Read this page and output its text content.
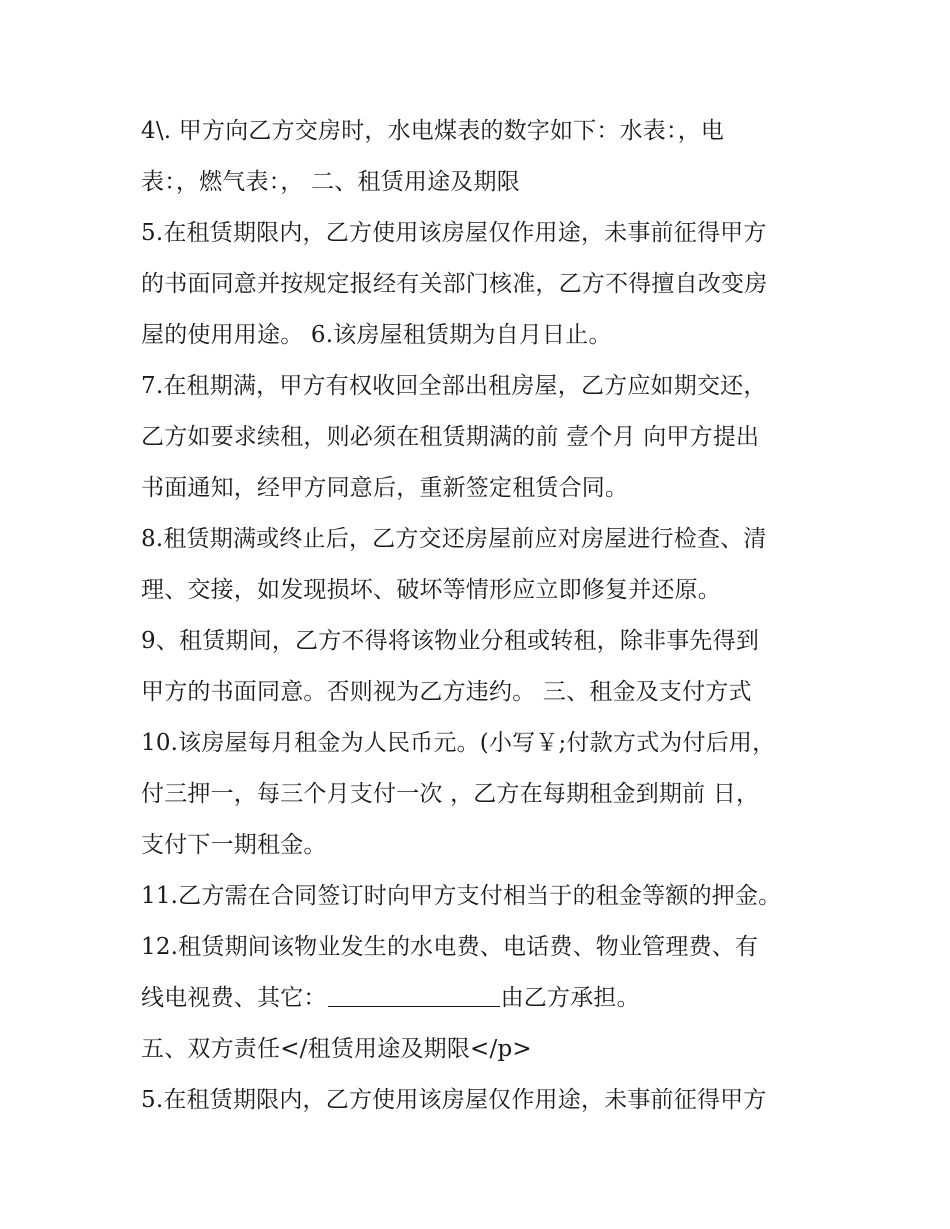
4\. 甲方向乙方交房时，水电煤表的数字如下：水表：，电
表：，燃气表：， 二、租赁用途及期限
5.在租赁期限内，乙方使用该房屋仅作用途，未事前征得甲方
的书面同意并按规定报经有关部门核准，乙方不得擅自改变房
屋的使用用途。 6.该房屋租赁期为自月日止。
7.在租期满，甲方有权收回全部出租房屋，乙方应如期交还，
乙方如要求续租，则必须在租赁期满的前 壹个月 向甲方提出
书面通知，经甲方同意后，重新签定租赁合同。
8.租赁期满或终止后，乙方交还房屋前应对房屋进行检查、清
理、交接，如发现损坏、破坏等情形应立即修复并还原。
9、租赁期间，乙方不得将该物业分租或转租，除非事先得到
甲方的书面同意。否则视为乙方违约。 三、租金及支付方式
10.该房屋每月租金为人民币元。(小写￥;付款方式为付后用，
付三押一，每三个月支付一次 ，乙方在每期租金到期前 日，
支付下一期租金。
11.乙方需在合同签订时向甲方支付相当于的租金等额的押金。
12.租赁期间该物业发生的水电费、电话费、物业管理费、有
线电视费、其它：	由乙方承担。
五、双方责任</租赁用途及期限</p>
5.在租赁期限内，乙方使用该房屋仅作用途，未事前征得甲方
